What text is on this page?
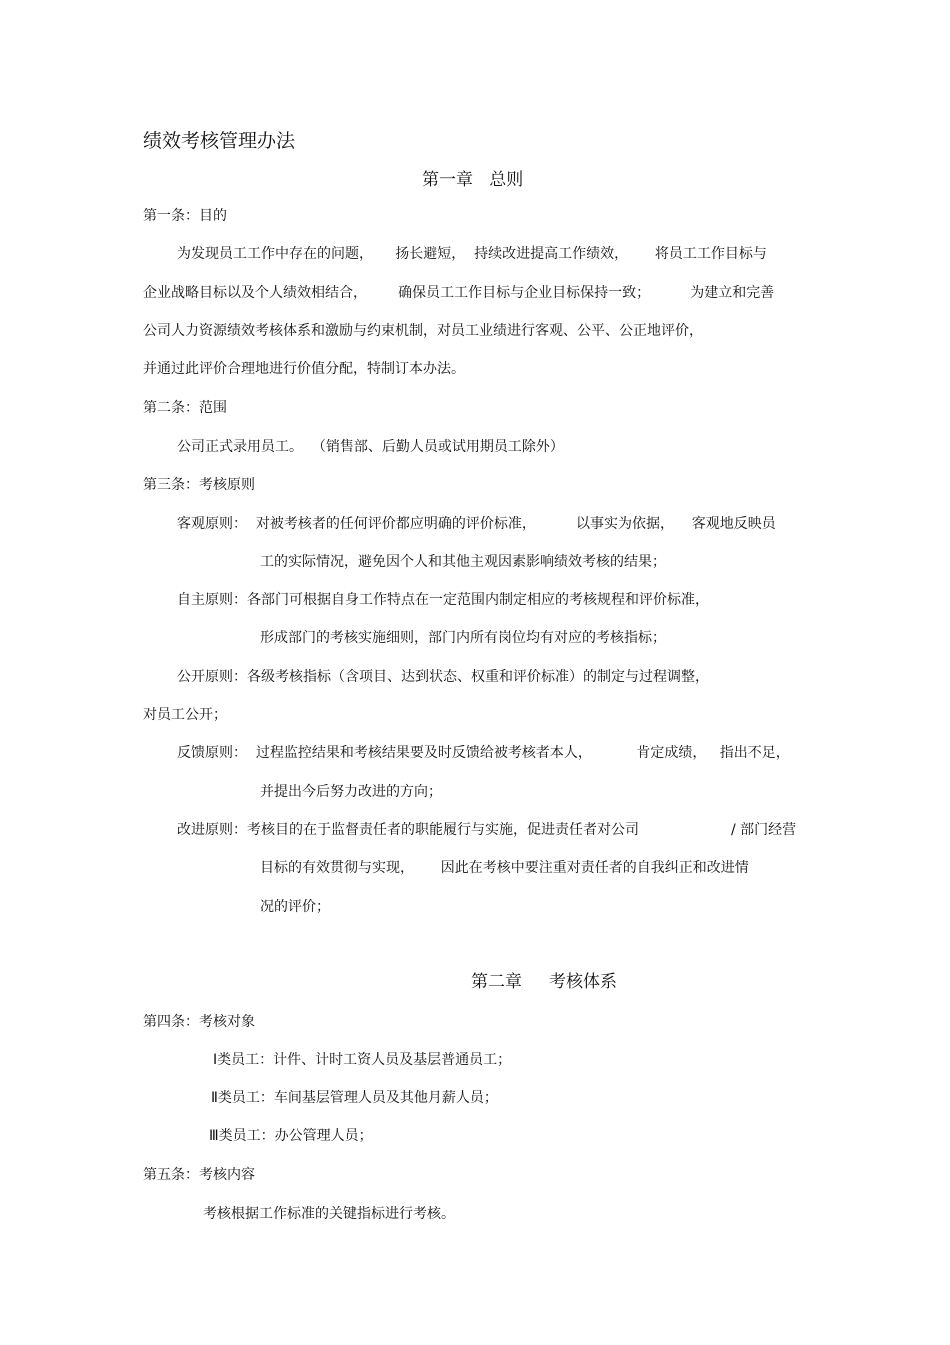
绩效考核管理办法
第一章   总则
第一条：目的
为发现员工工作中存在的问题，     扬长避短，  持续改进提高工作绩效，      将员工工作目标与
企业战略目标以及个人绩效相结合，       确保员工工作目标与企业目标保持一致；         为建立和完善
公司人力资源绩效考核体系和激励与约束机制，对员工业绩进行客观、公平、公正地评价，
并通过此评价合理地进行价值分配，特制订本办法。
第二条：范围
公司正式录用员工。  （销售部、后勤人员或试用期员工除外）
第三条：考核原则
客观原则：  对被考核者的任何评价都应明确的评价标准，         以事实为依据，    客观地反映员
工的实际情况，避免因个人和其他主观因素影响绩效考核的结果；
自主原则：各部门可根据自身工作特点在一定范围内制定相应的考核规程和评价标准，
形成部门的考核实施细则，部门内所有岗位均有对应的考核指标；
公开原则：各级考核指标（含项目、达到状态、权重和评价标准）的制定与过程调整，
对员工公开；
反馈原则：  过程监控结果和考核结果要及时反馈给被考核者本人，          肯定成绩，   指出不足，
并提出今后努力改进的方向；
改进原则：考核目的在于监督责任者的职能履行与实施，促进责任者对公司	/ 部门经营
目标的有效贯彻与实现，      因此在考核中要注重对责任者的自我纠正和改进情
况的评价；
第二章     考核体系
第四条：考核对象
Ⅰ类员工：计件、计时工资人员及基层普通员工；
Ⅱ类员工：车间基层管理人员及其他月薪人员；
Ⅲ类员工：办公管理人员；
第五条：考核内容
考核根据工作标准的关键指标进行考核。
